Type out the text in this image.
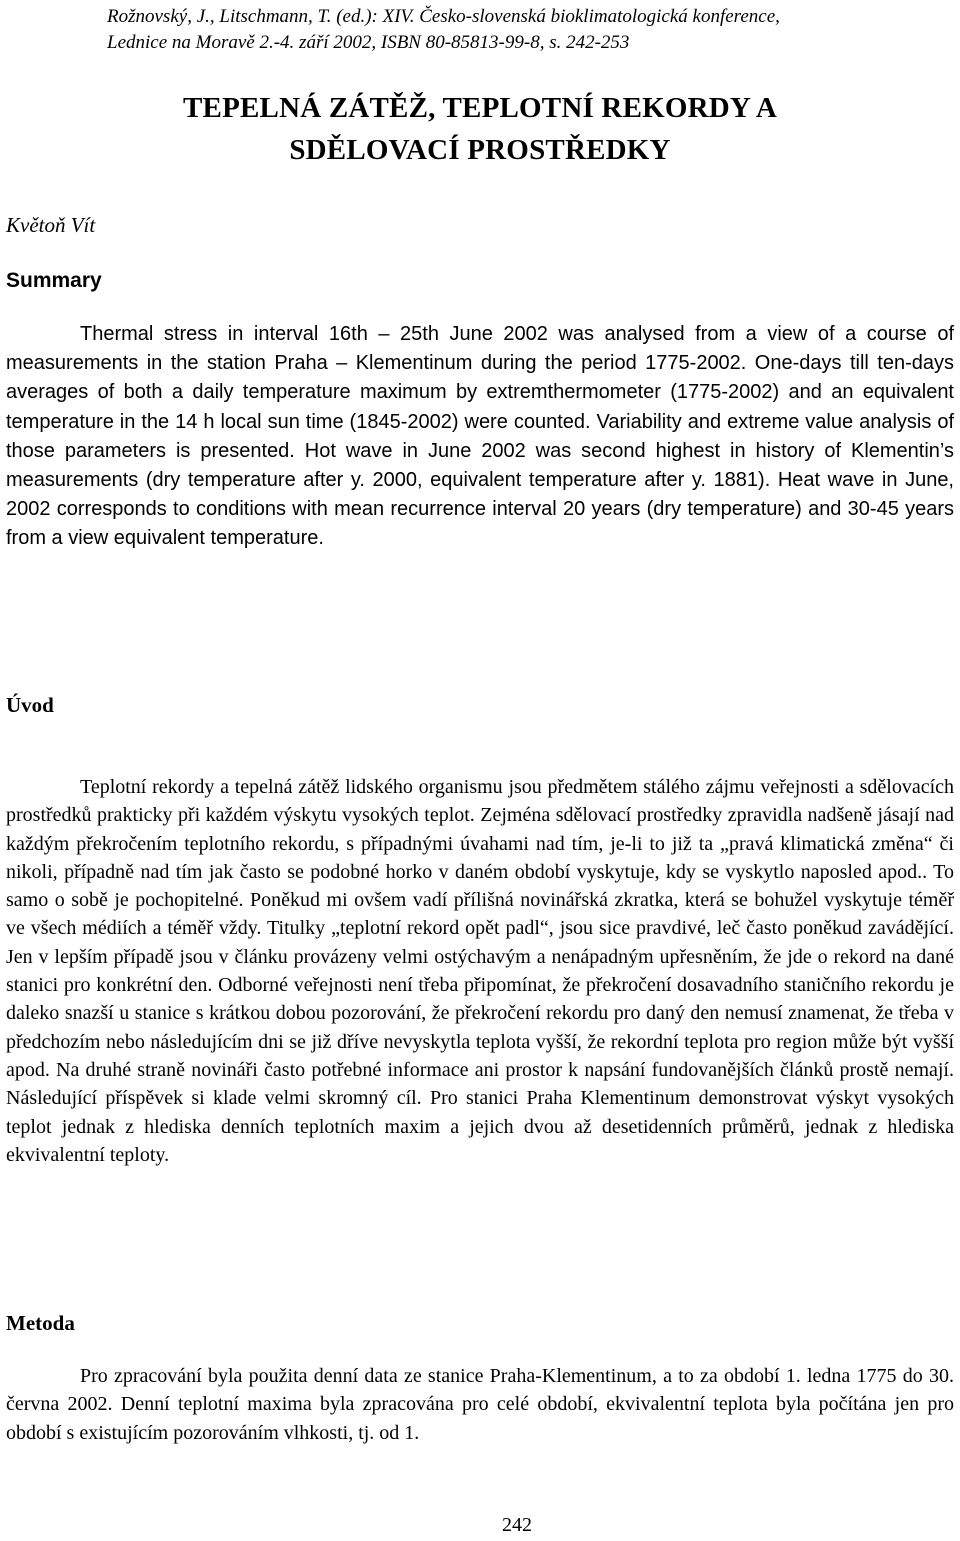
Rožnovský, J., Litschmann, T. (ed.): XIV. Česko-slovenská bioklimatologická konference,
Lednice na Moravě 2.-4. září 2002, ISBN 80-85813-99-8, s. 242-253
TEPELNÁ ZÁTĚŽ, TEPLOTNÍ REKORDY A SDĚLOVACÍ PROSTŘEDKY
Květoň Vít
Summary
Thermal stress in interval 16th – 25th June 2002 was analysed from a view of a course of measurements in the station Praha – Klementinum during the period 1775-2002. One-days till ten-days averages of both a daily temperature maximum by extremthermometer (1775-2002) and an equivalent temperature in the 14 h local sun time (1845-2002) were counted. Variability and extreme value analysis of those parameters is presented. Hot wave in June 2002 was second highest in history of Klementin’s measurements (dry temperature after y. 2000, equivalent temperature after y. 1881). Heat wave in June, 2002 corresponds to conditions with mean recurrence interval 20 years (dry temperature) and 30-45 years from a view equivalent temperature.
Úvod
Teplotní rekordy a tepelná zátěž lidského organismu jsou předmětem stálého zájmu veřejnosti a sdělovacích prostředků prakticky při každém výskytu vysokých teplot. Zejména sdělovací prostředky zpravidla nadšeně jásají nad každým překročením teplotního rekordu, s případnými úvahami nad tím, je-li to již ta „pravá klimatická změna“ či nikoli, případně nad tím jak často se podobné horko v daném období vyskytuje, kdy se vyskytlo naposled apod.. To samo o sobě je pochopitelné. Poněkud mi ovšem vadí přílišná novinářská zkratka, která se bohužel vyskytuje téměř ve všech médiích a téměř vždy. Titulky „teplotní rekord opět padl“, jsou sice pravdivé, leč často poněkud zavádějící. Jen v lepším případě jsou v článku provázeny velmi ostýchavým a nenápadným upřesněním, že jde o rekord na dané stanici pro konkrétní den. Odborné veřejnosti není třeba připomínat, že překročení dosavadního staničního rekordu je daleko snazší u stanice s krátkou dobou pozorování, že překročení rekordu pro daný den nemusí znamenat, že třeba v předchozím nebo následujícím dni se již dříve nevyskytla teplota vyšší, že rekordní teplota pro region může být vyšší apod. Na druhé straně novináři často potřebné informace ani prostor k napsání fundovanějších článků prostě nemají. Následující příspěvek si klade velmi skromný cíl. Pro stanici Praha Klementinum demonstrovat výskyt vysokých teplot jednak z hlediska denních teplotních maxim a jejich dvou až desetidenních průměrů, jednak z hlediska ekvivalentní teploty.
Metoda
Pro zpracování byla použita denní data ze stanice Praha-Klementinum, a to za období 1. ledna 1775 do 30. června 2002. Denní teplotní maxima byla zpracována pro celé období, ekvivalentní teplota byla počítána jen pro období s existujícím pozorováním vlhkosti, tj. od 1.
242
